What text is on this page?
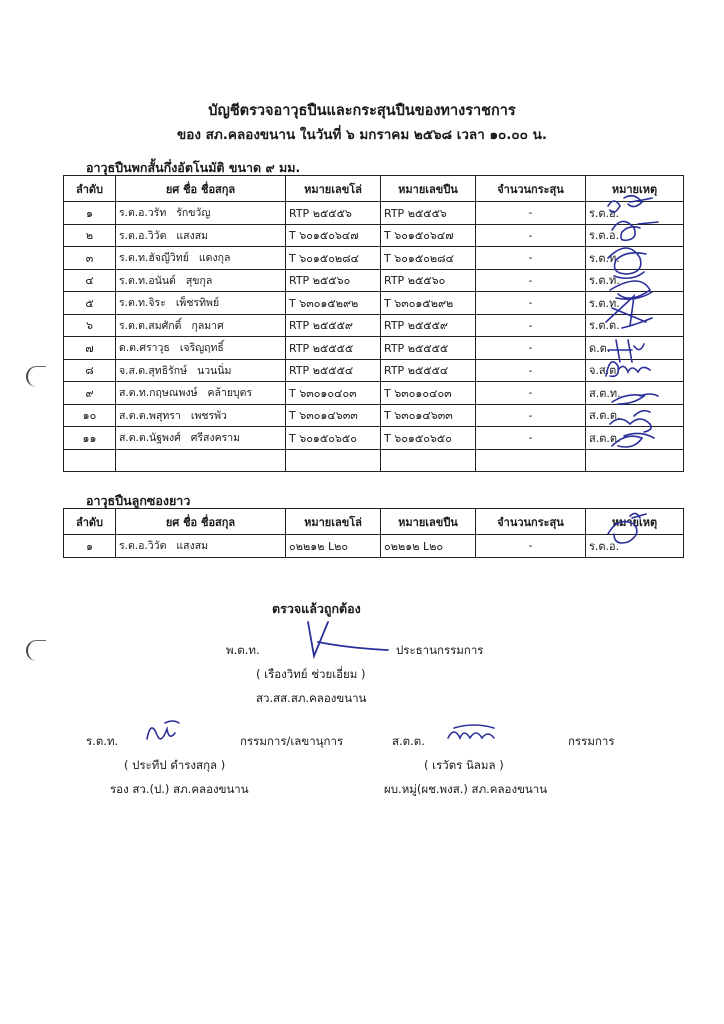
บัญชีตรวจอาวุธปืนและกระสุนปืนของทางราชการ
ของ สภ.คลองขนาน ในวันที่ ๖ มกราคม ๒๕๖๘ เวลา ๑๐.๐๐ น.
อาวุธปืนพกสั้นกึ่งอัตโนมัติ ขนาด ๙ มม.
ลำดับ	ยศ ชื่อ ชื่อสกุล	หมายเลขโล่	หมายเลขปืน	จำนวนกระสุน	หมายเหตุ
๑	ร.ต.อ.วรัท รักขวัญ	RTP ๒๕๕๕๖	RTP ๒๕๕๕๖	-	ร.ต.อ.
๒	ร.ต.อ.วิวัต แสงสม	T ๖๐๑๕๐๖๔๗	T ๖๐๑๕๐๖๔๗	-	ร.ต.อ.
๓	ร.ต.ท.ฮัจญีวิทย์ แดงกุล	T ๖๐๑๕๐๒๘๔	T ๖๐๑๕๐๒๘๔	-	ร.ต.ท.
๔	ร.ต.ท.อนันต์ สุขกุล	RTP ๒๕๕๖๐	RTP ๒๕๕๖๐	-	ร.ต.ท.
๕	ร.ต.ท.จิระ เพ็ชรทิพย์	T ๖๓๐๑๕๒๙๒	T ๖๓๐๑๕๒๙๒	-	ร.ต.ท.
๖	ร.ต.ต.สมศักดิ์ กุลมาศ	RTP ๒๕๕๕๙	RTP ๒๕๕๕๙	-	ร.ต.ต.
๗	ด.ต.ศราวุธ เจริญฤทธิ์	RTP ๒๕๕๕๕	RTP ๒๕๕๕๕	-	ด.ต.
๘	จ.ส.ต.สุทธิรักษ์ นวนนิ่ม	RTP ๒๕๕๕๔	RTP ๒๕๕๕๔	-	จ.ส.ต.
๙	ส.ต.ท.กฤษณพงษ์ คล้ายบุตร	T ๖๓๐๑๐๔๐๓	T ๖๓๐๑๐๔๐๓	-	ส.ต.ท.
๑๐	ส.ต.ต.พสุทรา เพชรพัว	T ๖๓๐๑๔๖๓๓	T ๖๓๐๑๔๖๓๓	-	ส.ต.ต.
๑๑	ส.ต.ต.นัฐพงศ์ ศรีสงคราม	T ๖๐๑๕๐๖๕๐	T ๖๐๑๕๐๖๕๐	-	ส.ต.ต.

อาวุธปืนลูกซองยาว
ลำดับ	ยศ ชื่อ ชื่อสกุล	หมายเลขโล่	หมายเลขปืน	จำนวนกระสุน	หมายเหตุ
๑	ร.ต.อ.วิวัต แสงสม	๐๒๒๑๒ L๒๐	๐๒๒๑๒ L๒๐	-	ร.ต.อ.
ตรวจแล้วถูกต้อง
พ.ต.ท.	ประธานกรรมการ
( เรืองวิทย์ ช่วยเอี่ยม )
สว.สส.สภ.คลองขนาน
ร.ต.ท.	กรรมการ/เลขานุการ
( ประทีป ดำรงสกุล )
รอง สว.(ป.) สภ.คลองขนาน
ส.ต.ต.	กรรมการ
( เรวัตร นิลมล )
ผบ.หมู่(ผช.พงส.) สภ.คลองขนาน
